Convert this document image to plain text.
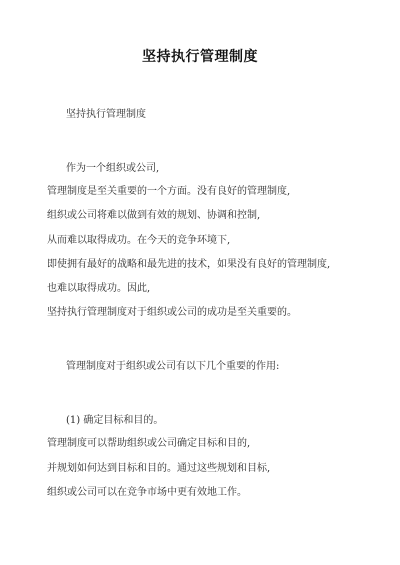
坚持执行管理制度
坚持执行管理制度
作为一个组织或公司,
管理制度是至关重要的一个方面。没有良好的管理制度,
组织或公司将难以做到有效的规划、协调和控制,
从而难以取得成功。在今天的竞争环境下,
即使拥有最好的战略和最先进的技术，如果没有良好的管理制度,
也难以取得成功。因此,
坚持执行管理制度对于组织或公司的成功是至关重要的。
管理制度对于组织或公司有以下几个重要的作用:
(1) 确定目标和目的。
管理制度可以帮助组织或公司确定目标和目的,
并规划如何达到目标和目的。通过这些规划和目标,
组织或公司可以在竞争市场中更有效地工作。
